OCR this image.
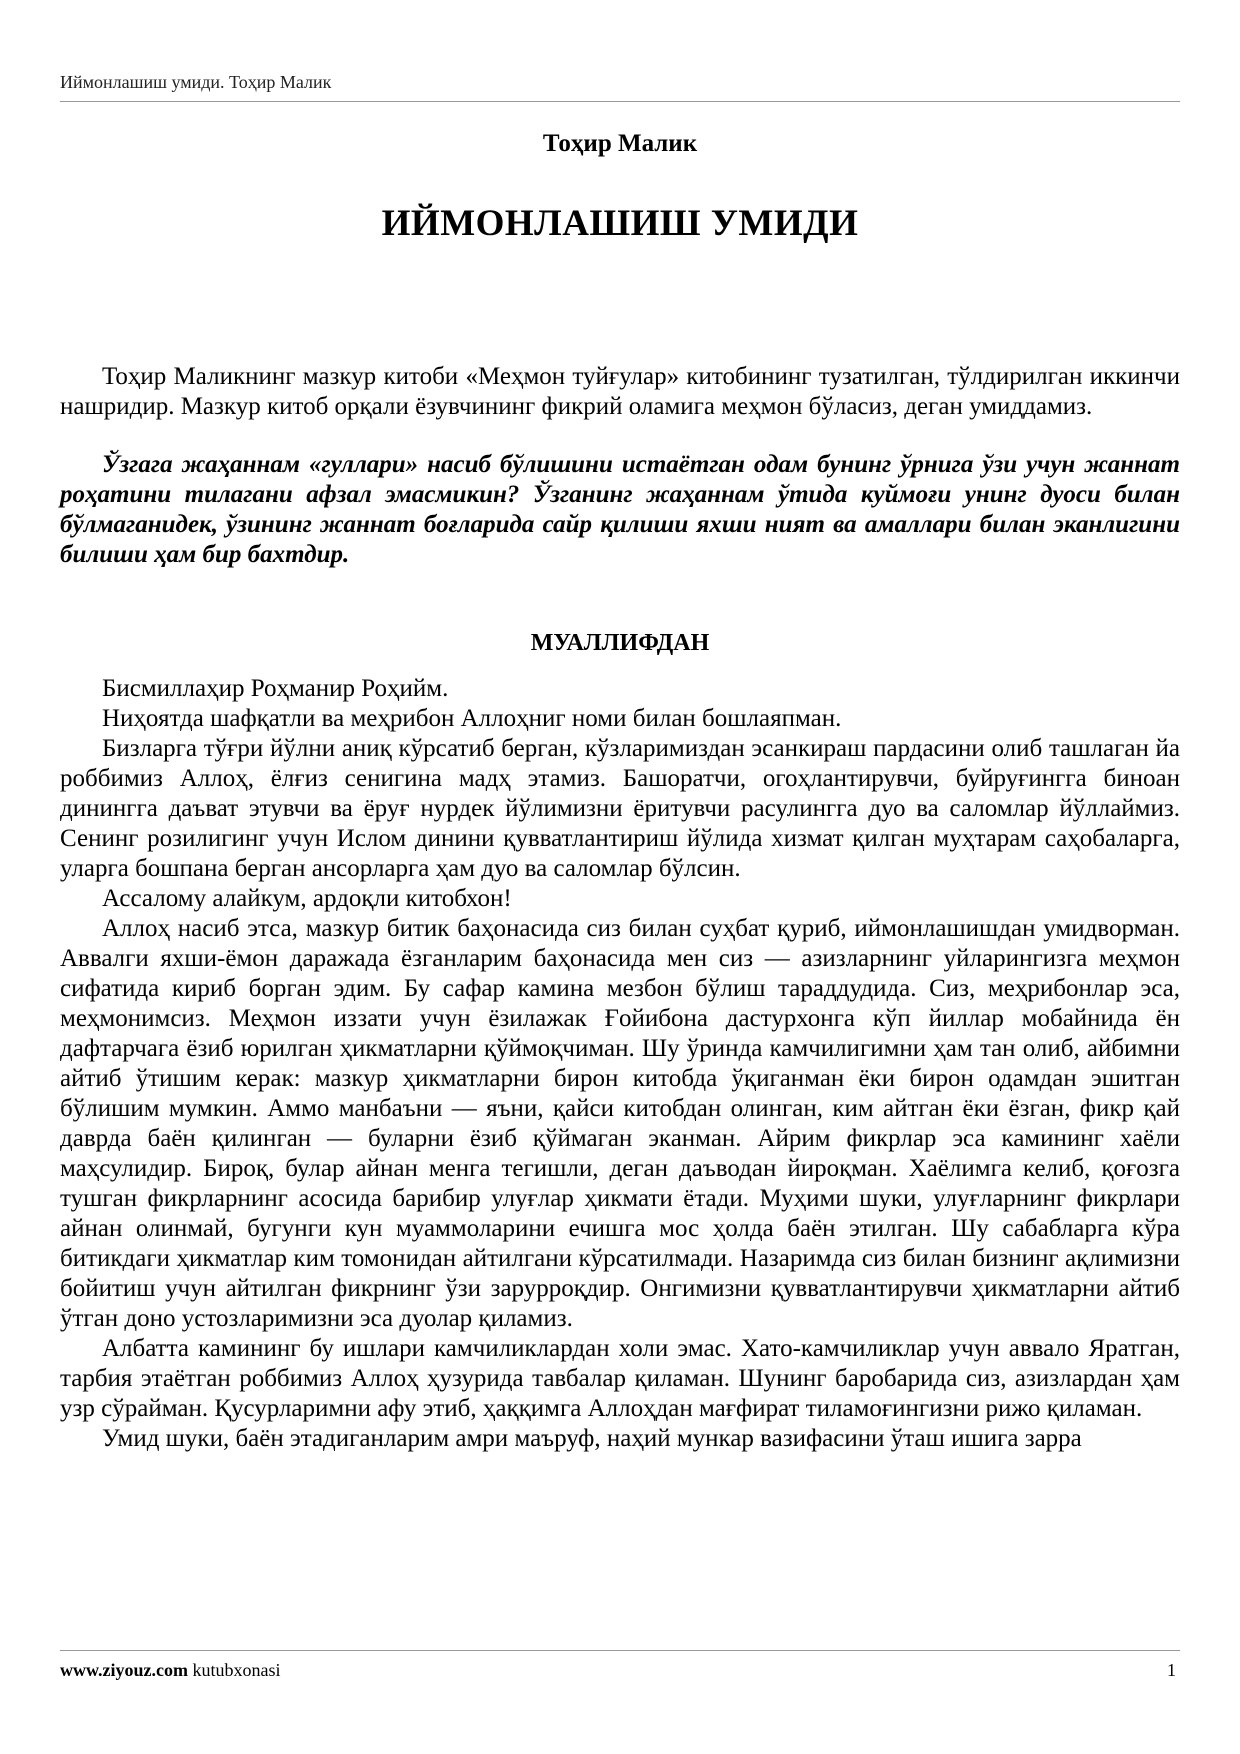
Иймонлашиш умиди. Тоҳир Малик
Тоҳир Малик
ИЙМОНЛАШИШ УМИДИ

Тоҳир Маликнинг мазкур китоби «Меҳмон туйғулар» китобининг тузатилган, тўлдирилган иккинчи нашридир. Мазкур китоб орқали ёзувчининг фикрий оламига меҳмон бўласиз, деган умиддамиз.

Ўзгага жаҳаннам «гуллари» насиб бўлишини истаётган одам бунинг ўрнига ўзи учун жаннат роҳатини тилагани афзал эмасмикин? Ўзганинг жаҳаннам ўтида куймоғи унинг дуоси билан бўлмаганидек, ўзининг жаннат боғларида сайр қилиши яхши ният ва амаллари билан эканлигини билиши ҳам бир бахтдир.

МУАЛЛИФДАН

Бисмиллаҳир Роҳманир Роҳийм.

Ниҳоятда шафқатли ва меҳрибон Аллоҳниг номи билан бошлаяпман.

Бизларга тўғри йўлни аниқ кўрсатиб берган, кўзларимиздан эсанкираш пардасини олиб ташлаган йа роббимиз Аллоҳ, ёлғиз сенигина мадҳ этамиз. Башоратчи, огоҳлантирувчи, буйруғингга биноан динингга даъват этувчи ва ёруғ нурдек йўлимизни ёритувчи расулингга дуо ва саломлар йўллаймиз. Сенинг розилигинг учун Ислом динини қувватлантириш йўлида хизмат қилган муҳтарам саҳобаларга, уларга бошпана берган ансорларга ҳам дуо ва саломлар бўлсин.

Ассалому алайкум, ардоқли китобхон!

Аллоҳ насиб этса, мазкур битик баҳонасида сиз билан суҳбат қуриб, иймонлашишдан умидворман. Аввалги яхши-ёмон даражада ёзганларим баҳонасида мен сиз — азизларнинг уйларингизга меҳмон сифатида кириб борган эдим. Бу сафар камина мезбон бўлиш тараддудида. Сиз, меҳрибонлар эса, меҳмонимсиз. Меҳмон иззати учун ёзилажак Ғойибона дастурхонга кўп йиллар мобайнида ён дафтарчага ёзиб юрилган ҳикматларни қўймоқчиман. Шу ўринда камчилигимни ҳам тан олиб, айбимни айтиб ўтишим керак: мазкур ҳикматларни бирон китобда ўқиганман ёки бирон одамдан эшитган бўлишим мумкин. Аммо манбаъни — яъни, қайси китобдан олинган, ким айтган ёки ёзган, фикр қай даврда баён қилинган — буларни ёзиб қўймаган эканман. Айрим фикрлар эса камининг хаёли маҳсулидир. Бироқ, булар айнан менга тегишли, деган даъводан йироқман. Хаёлимга келиб, қоғозга тушган фикрларнинг асосида барибир улуғлар ҳикмати ётади. Муҳими шуки, улуғларнинг фикрлари айнан олинмай, бугунги кун муаммоларини ечишга мос ҳолда баён этилган. Шу сабабларга кўра битикдаги ҳикматлар ким томонидан айтилгани кўрсатилмади. Назаримда сиз билан бизнинг ақлимизни бойитиш учун айтилган фикрнинг ўзи зарурроқдир. Онгимизни қувватлантирувчи ҳикматларни айтиб ўтган доно устозларимизни эса дуолар қиламиз.

Албатта камининг бу ишлари камчиликлардан холи эмас. Хато-камчиликлар учун аввало Яратган, тарбия этаётган роббимиз Аллоҳ ҳузурида тавбалар қиламан. Шунинг баробарида сиз, азизлардан ҳам узр сўрайман. Қусурларимни афу этиб, ҳаққимга Аллоҳдан мағфират тиламоғингизни рижо қиламан.

Умид шуки, баён этадиганларим амри маъруф, наҳий мункар вазифасини ўташ ишига зарра

www.ziyouz.com kutubxonasi	1
